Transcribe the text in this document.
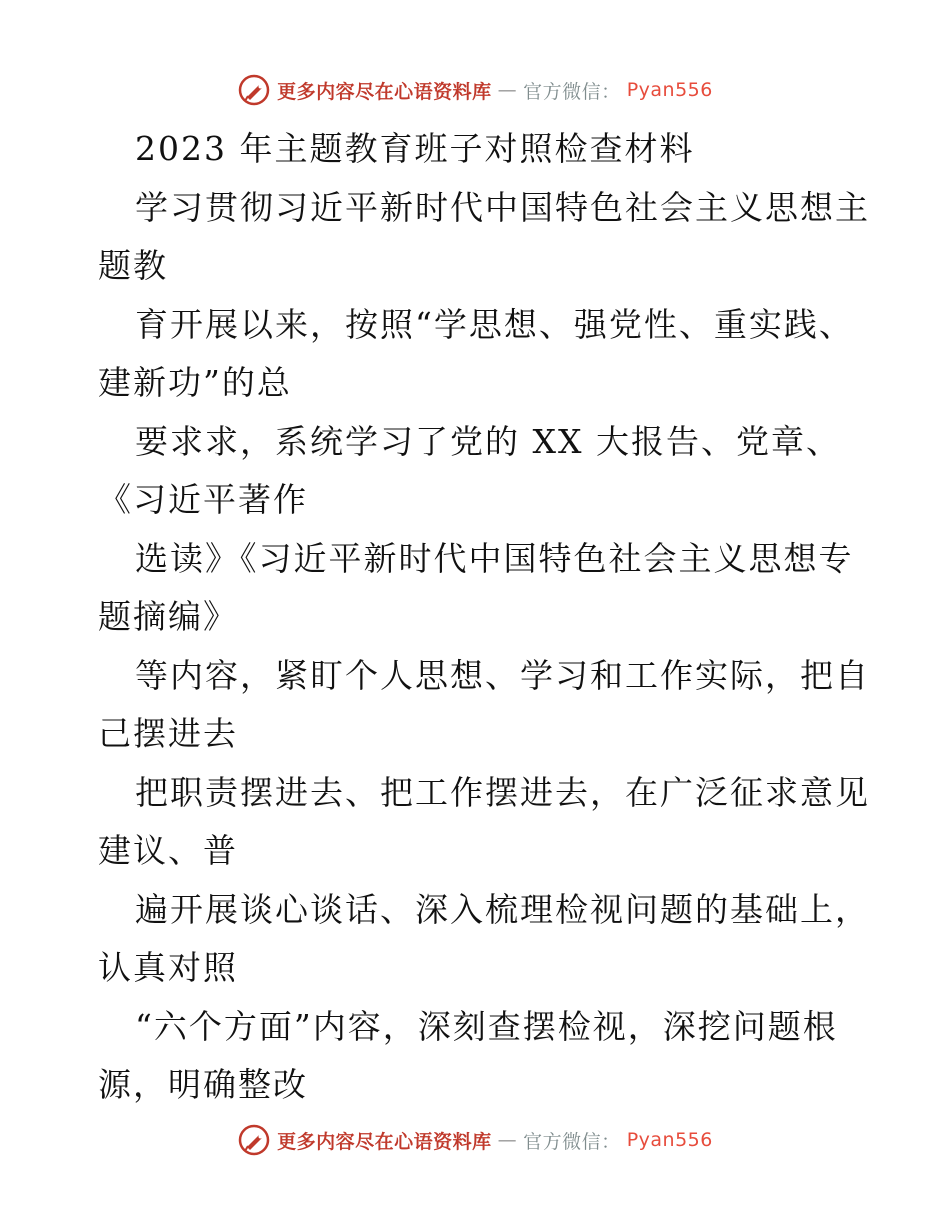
更多内容尽在心语资料库 — 官方微信： Pyan556
2023 年主题教育班子对照检查材料
学习贯彻习近平新时代中国特色社会主义思想主
题教
育开展以来，按照“学思想、强党性、重实践、
建新功”的总
要求求，系统学习了党的 XX 大报告、党章、
《习近平著作
选读》《习近平新时代中国特色社会主义思想专
题摘编》
等内容，紧盯个人思想、学习和工作实际，把自
己摆进去
把职责摆进去、把工作摆进去，在广泛征求意见
建议、普
遍开展谈心谈话、深入梳理检视问题的基础上，
认真对照
“六个方面”内容，深刻查摆检视，深挖问题根
源，明确整改
更多内容尽在心语资料库 — 官方微信： Pyan556
